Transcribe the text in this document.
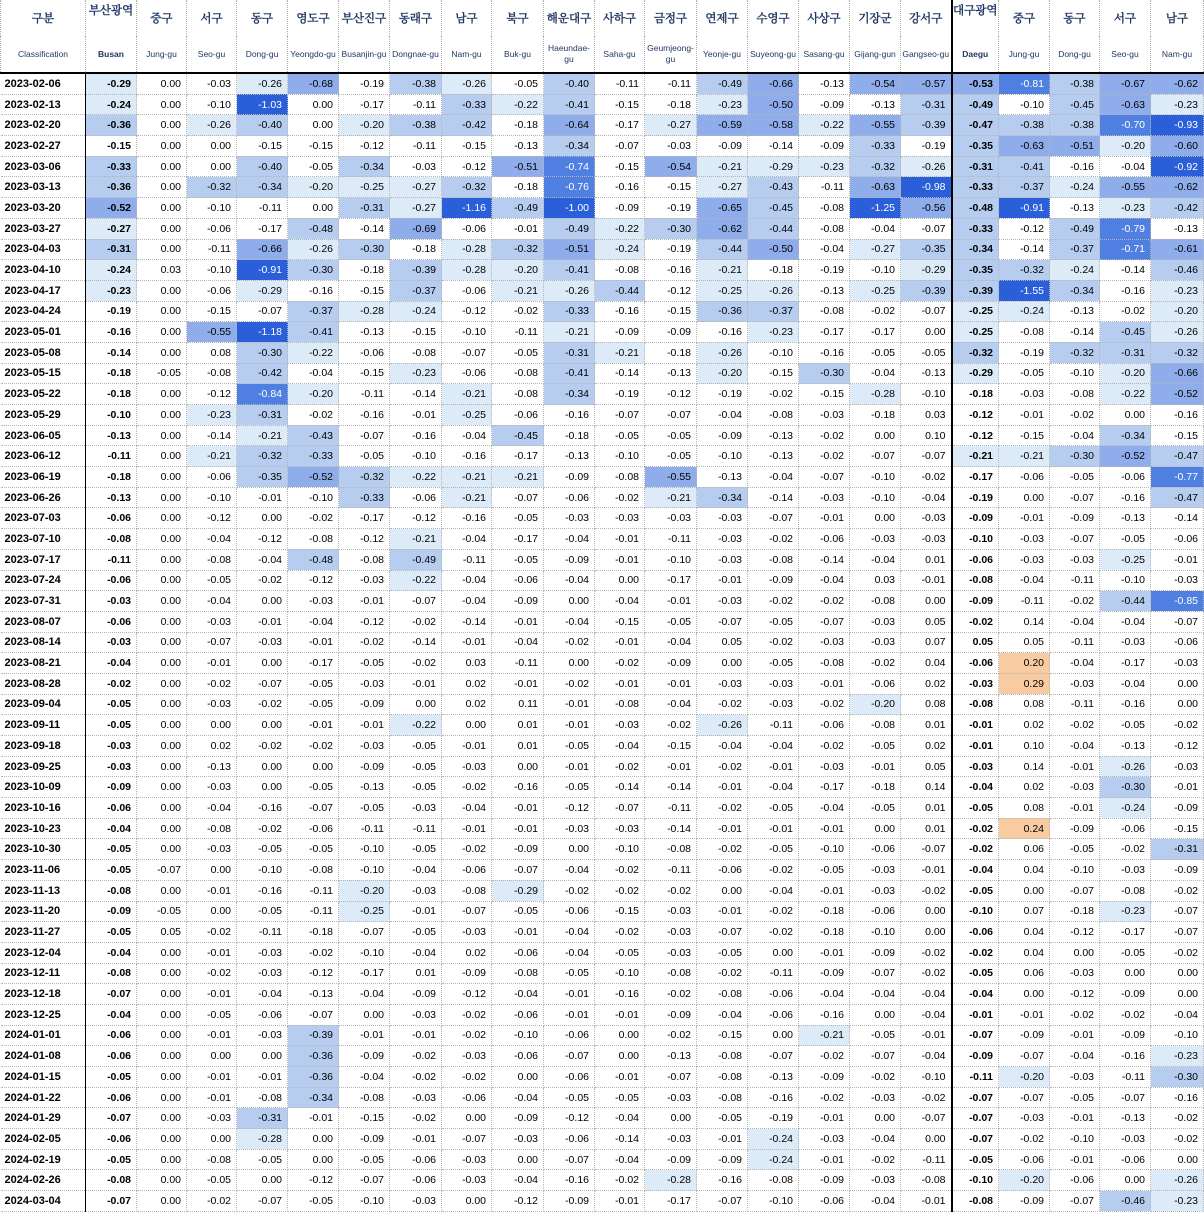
구분	부산광역	중구	서구	동구	영도구	부산진구	동래구	남구	북구	해운대구	사하구	금정구	연제구	수영구	사상구	기장군	강서구	대구광역	중구	동구	서구	남구
Classification	Busan	Jung-gu	Seo-gu	Dong-gu	Yeongdo-gu	Busanjin-gu	Dongnae-gu	Nam-gu	Buk-gu	Haeundae-gu	Saha-gu	Geumjeong-gu	Yeonje-gu	Suyeong-gu	Sasang-gu	Gijang-gun	Gangseo-gu	Daegu	Jung-gu	Dong-gu	Seo-gu	Nam-gu
2023-02-06	-0.29	0.00	-0.03	-0.26	-0.68	-0.19	-0.38	-0.26	-0.05	-0.40	-0.11	-0.11	-0.49	-0.66	-0.13	-0.54	-0.57	-0.53	-0.81	-0.38	-0.67	-0.62
2023-02-13	-0.24	0.00	-0.10	-1.03	0.00	-0.17	-0.11	-0.33	-0.22	-0.41	-0.15	-0.18	-0.23	-0.50	-0.09	-0.13	-0.31	-0.49	-0.10	-0.45	-0.63	-0.23
2023-02-20	-0.36	0.00	-0.26	-0.40	0.00	-0.20	-0.38	-0.42	-0.18	-0.64	-0.17	-0.27	-0.59	-0.58	-0.22	-0.55	-0.39	-0.47	-0.38	-0.38	-0.70	-0.93
2023-02-27	-0.15	0.00	0.00	-0.15	-0.15	-0.12	-0.11	-0.15	-0.13	-0.34	-0.07	-0.03	-0.09	-0.14	-0.09	-0.33	-0.19	-0.35	-0.63	-0.51	-0.20	-0.60
2023-03-06	-0.33	0.00	0.00	-0.40	-0.05	-0.34	-0.03	-0.12	-0.51	-0.74	-0.15	-0.54	-0.21	-0.29	-0.23	-0.32	-0.26	-0.31	-0.41	-0.16	-0.04	-0.92
2023-03-13	-0.36	0.00	-0.32	-0.34	-0.20	-0.25	-0.27	-0.32	-0.18	-0.76	-0.16	-0.15	-0.27	-0.43	-0.11	-0.63	-0.98	-0.33	-0.37	-0.24	-0.55	-0.62
2023-03-20	-0.52	0.00	-0.10	-0.11	0.00	-0.31	-0.27	-1.16	-0.49	-1.00	-0.09	-0.19	-0.65	-0.45	-0.08	-1.25	-0.56	-0.48	-0.91	-0.13	-0.23	-0.42
2023-03-27	-0.27	0.00	-0.06	-0.17	-0.48	-0.14	-0.69	-0.06	-0.01	-0.49	-0.22	-0.30	-0.62	-0.44	-0.08	-0.04	-0.07	-0.33	-0.12	-0.49	-0.79	-0.13
2023-04-03	-0.31	0.00	-0.11	-0.66	-0.26	-0.30	-0.18	-0.28	-0.32	-0.51	-0.24	-0.19	-0.44	-0.50	-0.04	-0.27	-0.35	-0.34	-0.14	-0.37	-0.71	-0.61
2023-04-10	-0.24	0.03	-0.10	-0.91	-0.30	-0.18	-0.39	-0.28	-0.20	-0.41	-0.08	-0.16	-0.21	-0.18	-0.19	-0.10	-0.29	-0.35	-0.32	-0.24	-0.14	-0.46
2023-04-17	-0.23	0.00	-0.06	-0.29	-0.16	-0.15	-0.37	-0.06	-0.21	-0.26	-0.44	-0.12	-0.25	-0.26	-0.13	-0.25	-0.39	-0.39	-1.55	-0.34	-0.16	-0.23
2023-04-24	-0.19	0.00	-0.15	-0.07	-0.37	-0.28	-0.24	-0.12	-0.02	-0.33	-0.16	-0.15	-0.36	-0.37	-0.08	-0.02	-0.07	-0.25	-0.24	-0.13	-0.02	-0.20
2023-05-01	-0.16	0.00	-0.55	-1.18	-0.41	-0.13	-0.15	-0.10	-0.11	-0.21	-0.09	-0.09	-0.16	-0.23	-0.17	-0.17	0.00	-0.25	-0.08	-0.14	-0.45	-0.26
2023-05-08	-0.14	0.00	0.08	-0.30	-0.22	-0.06	-0.08	-0.07	-0.05	-0.31	-0.21	-0.18	-0.26	-0.10	-0.16	-0.05	-0.05	-0.32	-0.19	-0.32	-0.31	-0.32
2023-05-15	-0.18	-0.05	-0.08	-0.42	-0.04	-0.15	-0.23	-0.06	-0.08	-0.41	-0.14	-0.13	-0.20	-0.15	-0.30	-0.04	-0.13	-0.29	-0.05	-0.10	-0.20	-0.66
2023-05-22	-0.18	0.00	-0.12	-0.84	-0.20	-0.11	-0.14	-0.21	-0.08	-0.34	-0.19	-0.12	-0.19	-0.02	-0.15	-0.28	-0.10	-0.18	-0.03	-0.08	-0.22	-0.52
2023-05-29	-0.10	0.00	-0.23	-0.31	-0.02	-0.16	-0.01	-0.25	-0.06	-0.16	-0.07	-0.07	-0.04	-0.08	-0.03	-0.18	0.03	-0.12	-0.01	-0.02	0.00	-0.16
2023-06-05	-0.13	0.00	-0.14	-0.21	-0.43	-0.07	-0.16	-0.04	-0.45	-0.18	-0.05	-0.05	-0.09	-0.13	-0.02	0.00	0.10	-0.12	-0.15	-0.04	-0.34	-0.15
2023-06-12	-0.11	0.00	-0.21	-0.32	-0.33	-0.05	-0.10	-0.16	-0.17	-0.13	-0.10	-0.05	-0.10	-0.13	-0.02	-0.07	-0.07	-0.21	-0.21	-0.30	-0.52	-0.47
2023-06-19	-0.18	0.00	-0.06	-0.35	-0.52	-0.32	-0.22	-0.21	-0.21	-0.09	-0.08	-0.55	-0.13	-0.04	-0.07	-0.10	-0.02	-0.17	-0.06	-0.05	-0.06	-0.77
2023-06-26	-0.13	0.00	-0.10	-0.01	-0.10	-0.33	-0.06	-0.21	-0.07	-0.06	-0.02	-0.21	-0.34	-0.14	-0.03	-0.10	-0.04	-0.19	0.00	-0.07	-0.16	-0.47
2023-07-03	-0.06	0.00	-0.12	0.00	-0.02	-0.17	-0.12	-0.16	-0.05	-0.03	-0.03	-0.03	-0.03	-0.07	-0.01	0.00	-0.03	-0.09	-0.01	-0.09	-0.13	-0.14
2023-07-10	-0.08	0.00	-0.04	-0.12	-0.08	-0.12	-0.21	-0.04	-0.17	-0.04	-0.01	-0.11	-0.03	-0.02	-0.06	-0.03	-0.03	-0.10	-0.03	-0.07	-0.05	-0.06
2023-07-17	-0.11	0.00	-0.08	-0.04	-0.48	-0.08	-0.49	-0.11	-0.05	-0.09	-0.01	-0.10	-0.03	-0.08	-0.14	-0.04	0.01	-0.06	-0.03	-0.03	-0.25	-0.01
2023-07-24	-0.06	0.00	-0.05	-0.02	-0.12	-0.03	-0.22	-0.04	-0.06	-0.04	0.00	-0.17	-0.01	-0.09	-0.04	0.03	-0.01	-0.08	-0.04	-0.11	-0.10	-0.03
2023-07-31	-0.03	0.00	-0.04	0.00	-0.03	-0.01	-0.07	-0.04	-0.09	0.00	-0.04	-0.01	-0.03	-0.02	-0.02	-0.08	0.00	-0.09	-0.11	-0.02	-0.44	-0.85
2023-08-07	-0.06	0.00	-0.03	-0.01	-0.04	-0.12	-0.02	-0.14	-0.01	-0.04	-0.15	-0.05	-0.07	-0.05	-0.07	-0.03	0.05	-0.02	0.14	-0.04	-0.04	-0.07
2023-08-14	-0.03	0.00	-0.07	-0.03	-0.01	-0.02	-0.14	-0.01	-0.04	-0.02	-0.01	-0.04	0.05	-0.02	-0.03	-0.03	0.07	0.05	0.05	-0.11	-0.03	-0.06
2023-08-21	-0.04	0.00	-0.01	0.00	-0.17	-0.05	-0.02	0.03	-0.11	0.00	-0.02	-0.09	0.00	-0.05	-0.08	-0.02	0.04	-0.06	0.20	-0.04	-0.17	-0.03
2023-08-28	-0.02	0.00	-0.02	-0.07	-0.05	-0.03	-0.01	0.02	-0.01	-0.02	-0.01	-0.01	-0.03	-0.03	-0.01	-0.06	0.02	-0.03	0.29	-0.03	-0.04	0.00
2023-09-04	-0.05	0.00	-0.03	-0.02	-0.05	-0.09	0.00	0.02	0.11	-0.01	-0.08	-0.04	-0.02	-0.03	-0.02	-0.20	0.08	-0.08	0.08	-0.11	-0.16	0.00
2023-09-11	-0.05	0.00	0.00	0.00	-0.01	-0.01	-0.22	0.00	0.01	-0.01	-0.03	-0.02	-0.26	-0.11	-0.06	-0.08	0.01	-0.01	0.02	-0.02	-0.05	-0.02
2023-09-18	-0.03	0.00	0.02	-0.02	-0.02	-0.03	-0.05	-0.01	0.01	-0.05	-0.04	-0.15	-0.04	-0.04	-0.02	-0.05	0.02	-0.01	0.10	-0.04	-0.13	-0.12
2023-09-25	-0.03	0.00	-0.13	0.00	0.00	-0.09	-0.05	-0.03	0.00	-0.01	-0.02	-0.01	-0.02	-0.01	-0.03	-0.01	0.05	-0.03	0.14	-0.01	-0.26	-0.03
2023-10-09	-0.09	0.00	-0.03	0.00	-0.05	-0.13	-0.05	-0.02	-0.16	-0.05	-0.14	-0.14	-0.01	-0.04	-0.17	-0.18	0.14	-0.04	0.02	-0.03	-0.30	-0.01
2023-10-16	-0.06	0.00	-0.04	-0.16	-0.07	-0.05	-0.03	-0.04	-0.01	-0.12	-0.07	-0.11	-0.02	-0.05	-0.04	-0.05	0.01	-0.05	0.08	-0.01	-0.24	-0.09
2023-10-23	-0.04	0.00	-0.08	-0.02	-0.06	-0.11	-0.11	-0.01	-0.01	-0.03	-0.03	-0.14	-0.01	-0.01	-0.01	0.00	0.01	-0.02	0.24	-0.09	-0.06	-0.15
2023-10-30	-0.05	0.00	-0.03	-0.05	-0.05	-0.10	-0.05	-0.02	-0.09	0.00	-0.10	-0.08	-0.02	-0.05	-0.10	-0.06	-0.07	-0.02	0.06	-0.05	-0.02	-0.31
2023-11-06	-0.05	-0.07	0.00	-0.10	-0.08	-0.10	-0.04	-0.06	-0.07	-0.04	-0.02	-0.11	-0.06	-0.02	-0.05	-0.03	-0.01	-0.04	0.04	-0.10	-0.03	-0.09
2023-11-13	-0.08	0.00	-0.01	-0.16	-0.11	-0.20	-0.03	-0.08	-0.29	-0.02	-0.02	-0.02	0.00	-0.04	-0.01	-0.03	-0.02	-0.05	0.00	-0.07	-0.08	-0.02
2023-11-20	-0.09	-0.05	0.00	-0.05	-0.11	-0.25	-0.01	-0.07	-0.05	-0.06	-0.15	-0.03	-0.01	-0.02	-0.18	-0.06	0.00	-0.10	0.07	-0.18	-0.23	-0.07
2023-11-27	-0.05	0.05	-0.02	-0.11	-0.18	-0.07	-0.05	-0.03	-0.01	-0.04	-0.02	-0.03	-0.07	-0.02	-0.18	-0.10	0.00	-0.06	0.04	-0.12	-0.17	-0.07
2023-12-04	-0.04	0.00	-0.01	-0.03	-0.02	-0.10	-0.04	0.02	-0.06	-0.04	-0.05	-0.03	-0.05	0.00	-0.01	-0.09	-0.02	-0.02	0.04	0.00	-0.05	-0.02
2023-12-11	-0.08	0.00	-0.02	-0.03	-0.12	-0.17	0.01	-0.09	-0.08	-0.05	-0.10	-0.08	-0.02	-0.11	-0.09	-0.07	-0.02	-0.05	0.06	-0.03	0.00	0.00
2023-12-18	-0.07	0.00	-0.01	-0.04	-0.13	-0.04	-0.09	-0.12	-0.04	-0.01	-0.16	-0.02	-0.08	-0.06	-0.04	-0.04	-0.04	-0.04	0.00	-0.12	-0.09	0.00
2023-12-25	-0.04	0.00	-0.05	-0.06	-0.07	0.00	-0.03	-0.02	-0.06	-0.01	-0.01	-0.09	-0.04	-0.06	-0.16	0.00	-0.04	-0.01	-0.01	-0.02	-0.02	-0.04
2024-01-01	-0.06	0.00	-0.01	-0.03	-0.39	-0.01	-0.01	-0.02	-0.10	-0.06	0.00	-0.02	-0.15	0.00	-0.21	-0.05	-0.01	-0.07	-0.09	-0.01	-0.09	-0.10
2024-01-08	-0.06	0.00	0.00	0.00	-0.36	-0.09	-0.02	-0.03	-0.06	-0.07	0.00	-0.13	-0.08	-0.07	-0.02	-0.07	-0.04	-0.09	-0.07	-0.04	-0.16	-0.23
2024-01-15	-0.05	0.00	-0.01	-0.01	-0.36	-0.04	-0.02	-0.02	0.00	-0.06	-0.01	-0.07	-0.08	-0.13	-0.09	-0.02	-0.10	-0.11	-0.20	-0.03	-0.11	-0.30
2024-01-22	-0.06	0.00	-0.01	-0.08	-0.34	-0.08	-0.03	-0.06	-0.04	-0.05	-0.05	-0.03	-0.08	-0.16	-0.02	-0.03	-0.02	-0.07	-0.07	-0.05	-0.07	-0.16
2024-01-29	-0.07	0.00	-0.03	-0.31	-0.01	-0.15	-0.02	0.00	-0.09	-0.12	-0.04	0.00	-0.05	-0.19	-0.01	0.00	-0.07	-0.07	-0.03	-0.01	-0.13	-0.02
2024-02-05	-0.06	0.00	0.00	-0.28	0.00	-0.09	-0.01	-0.07	-0.03	-0.06	-0.14	-0.03	-0.01	-0.24	-0.03	-0.04	0.00	-0.07	-0.02	-0.10	-0.03	-0.02
2024-02-19	-0.05	0.00	-0.08	-0.05	0.00	-0.05	-0.06	-0.03	0.00	-0.07	-0.04	-0.09	-0.09	-0.24	-0.01	-0.02	-0.11	-0.05	-0.06	-0.01	-0.06	0.00
2024-02-26	-0.08	0.00	-0.05	0.00	-0.12	-0.07	-0.06	-0.03	-0.04	-0.16	-0.02	-0.28	-0.16	-0.08	-0.09	-0.03	-0.08	-0.10	-0.20	-0.06	0.00	-0.26
2024-03-04	-0.07	0.00	-0.02	-0.07	-0.05	-0.10	-0.03	0.00	-0.12	-0.09	-0.01	-0.17	-0.07	-0.10	-0.06	-0.04	-0.01	-0.08	-0.09	-0.07	-0.46	-0.23
